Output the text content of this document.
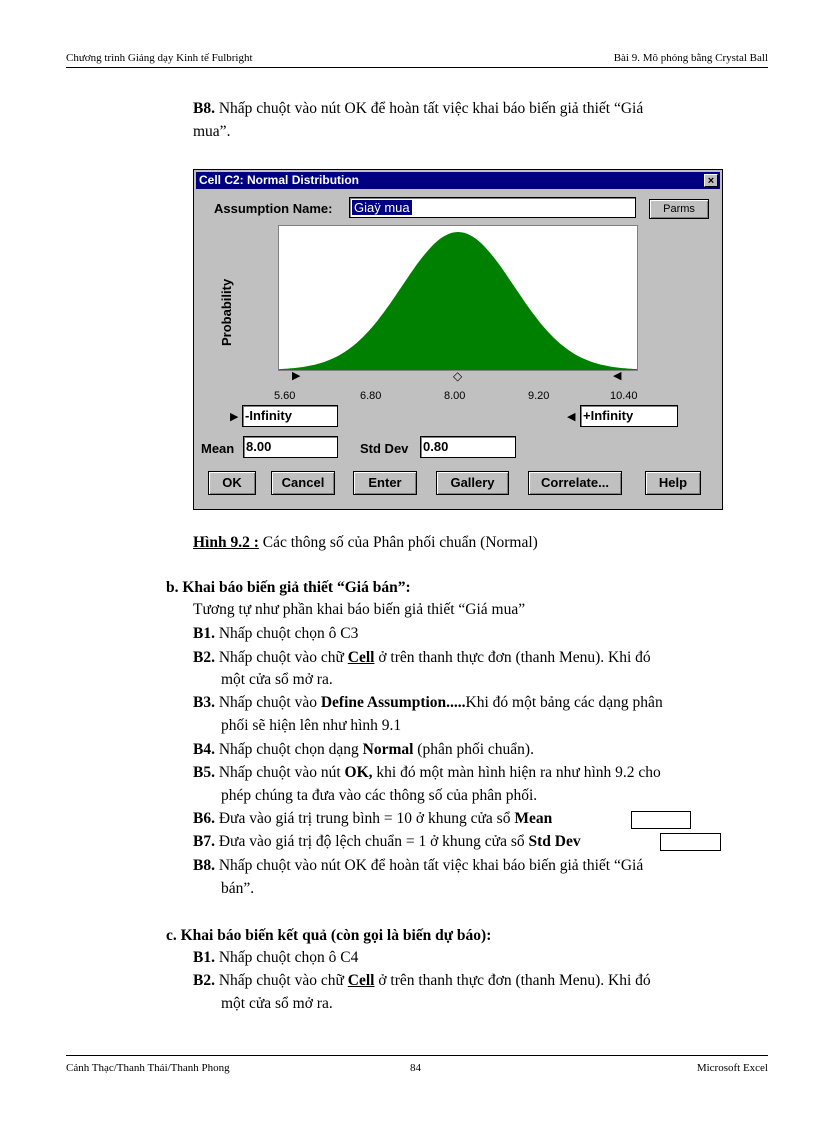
Chương trình Giảng dạy Kinh tế Fulbright	Bài 9. Mô phỏng bằng Crystal Ball
B8. Nhấp chuột vào nút OK để hoàn tất việc khai báo biến giả thiết “Giá
mua”.
Cell C2: Normal Distribution	×
Assumption Name:	Giaÿ mua	Parms
Probability
▶	◇	◀
5.60	6.80	8.00	9.20	10.40
▶ -Infinity	◀ +Infinity
Mean 8.00	Std Dev 0.80
OK	Cancel	Enter	Gallery	Correlate...	Help
Hình 9.2 : Các thông số của Phân phối chuẩn (Normal)
b. Khai báo biến giả thiết “Giá bán”:
Tương tự như phần khai báo biến giả thiết “Giá mua”
B1. Nhấp chuột chọn ô C3
B2. Nhấp chuột vào chữ Cell ở trên thanh thực đơn (thanh Menu). Khi đó
một cửa sổ mở ra.
B3. Nhấp chuột vào Define Assumption.....Khi đó một bảng các dạng phân
phối sẽ hiện lên như hình 9.1
B4. Nhấp chuột chọn dạng Normal (phân phối chuẩn).
B5. Nhấp chuột vào nút OK, khi đó một màn hình hiện ra như hình 9.2 cho
phép chúng ta đưa vào các thông số của phân phối.
B6. Đưa vào giá trị trung bình = 10 ở khung cửa sổ Mean
B7. Đưa vào giá trị độ lệch chuẩn = 1 ở khung cửa sổ Std Dev
B8. Nhấp chuột vào nút OK để hoàn tất việc khai báo biến giả thiết “Giá
bán”.
c. Khai báo biến kết quả (còn gọi là biến dự báo):
B1. Nhấp chuột chọn ô C4
B2. Nhấp chuột vào chữ Cell ở trên thanh thực đơn (thanh Menu). Khi đó
một cửa sổ mở ra.
Cảnh Thạc/Thanh Thái/Thanh Phong	84	Microsoft Excel
